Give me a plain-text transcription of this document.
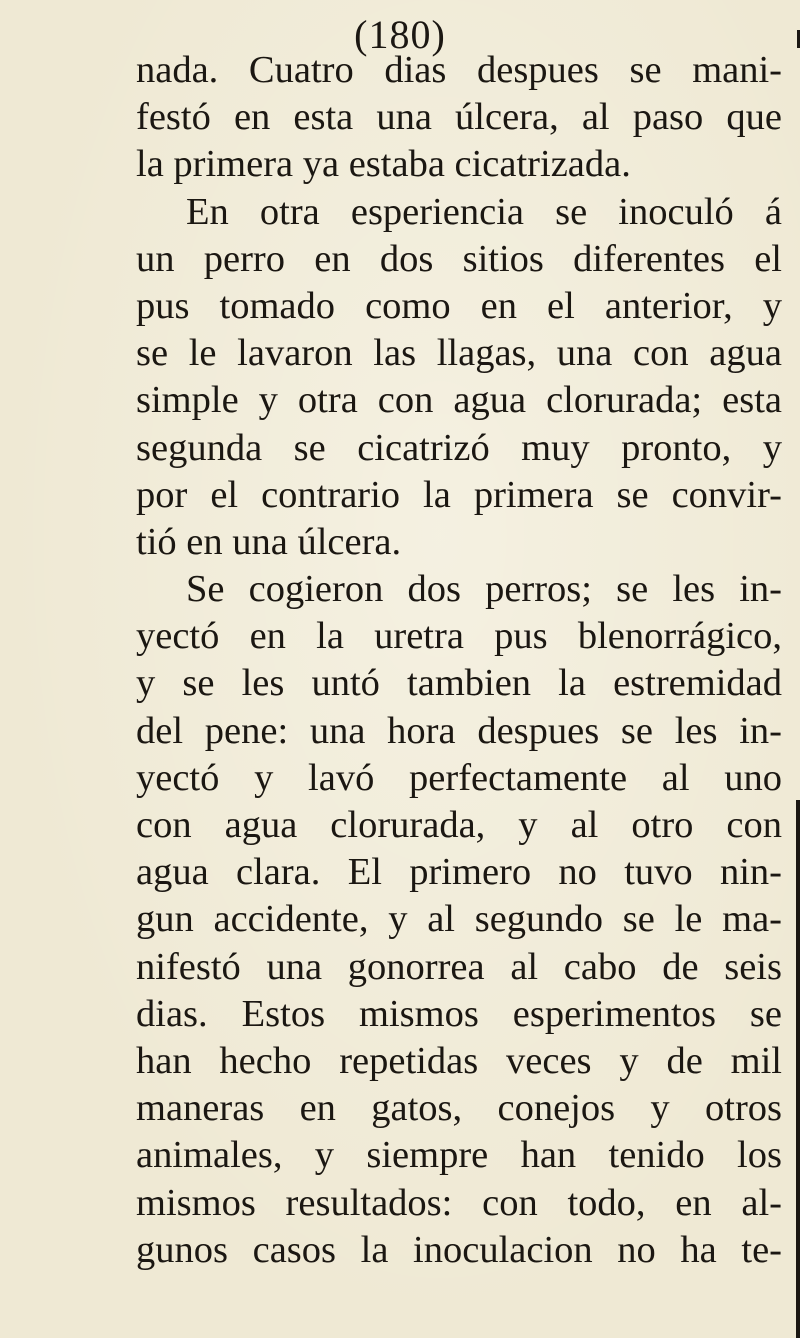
(180)
nada. Cuatro dias despues se mani-
festó en esta una úlcera, al paso que
la primera ya estaba cicatrizada.
En otra esperiencia se inoculó á
un perro en dos sitios diferentes el
pus tomado como en el anterior, y
se le lavaron las llagas, una con agua
simple y otra con agua clorurada; esta
segunda se cicatrizó muy pronto, y
por el contrario la primera se convir-
tió en una úlcera.
Se cogieron dos perros; se les in-
yectó en la uretra pus blenorrágico,
y se les untó tambien la estremidad
del pene: una hora despues se les in-
yectó y lavó perfectamente al uno
con agua clorurada, y al otro con
agua clara. El primero no tuvo nin-
gun accidente, y al segundo se le ma-
nifestó una gonorrea al cabo de seis
dias. Estos mismos esperimentos se
han hecho repetidas veces y de mil
maneras en gatos, conejos y otros
animales, y siempre han tenido los
mismos resultados: con todo, en al-
gunos casos la inoculacion no ha te-
